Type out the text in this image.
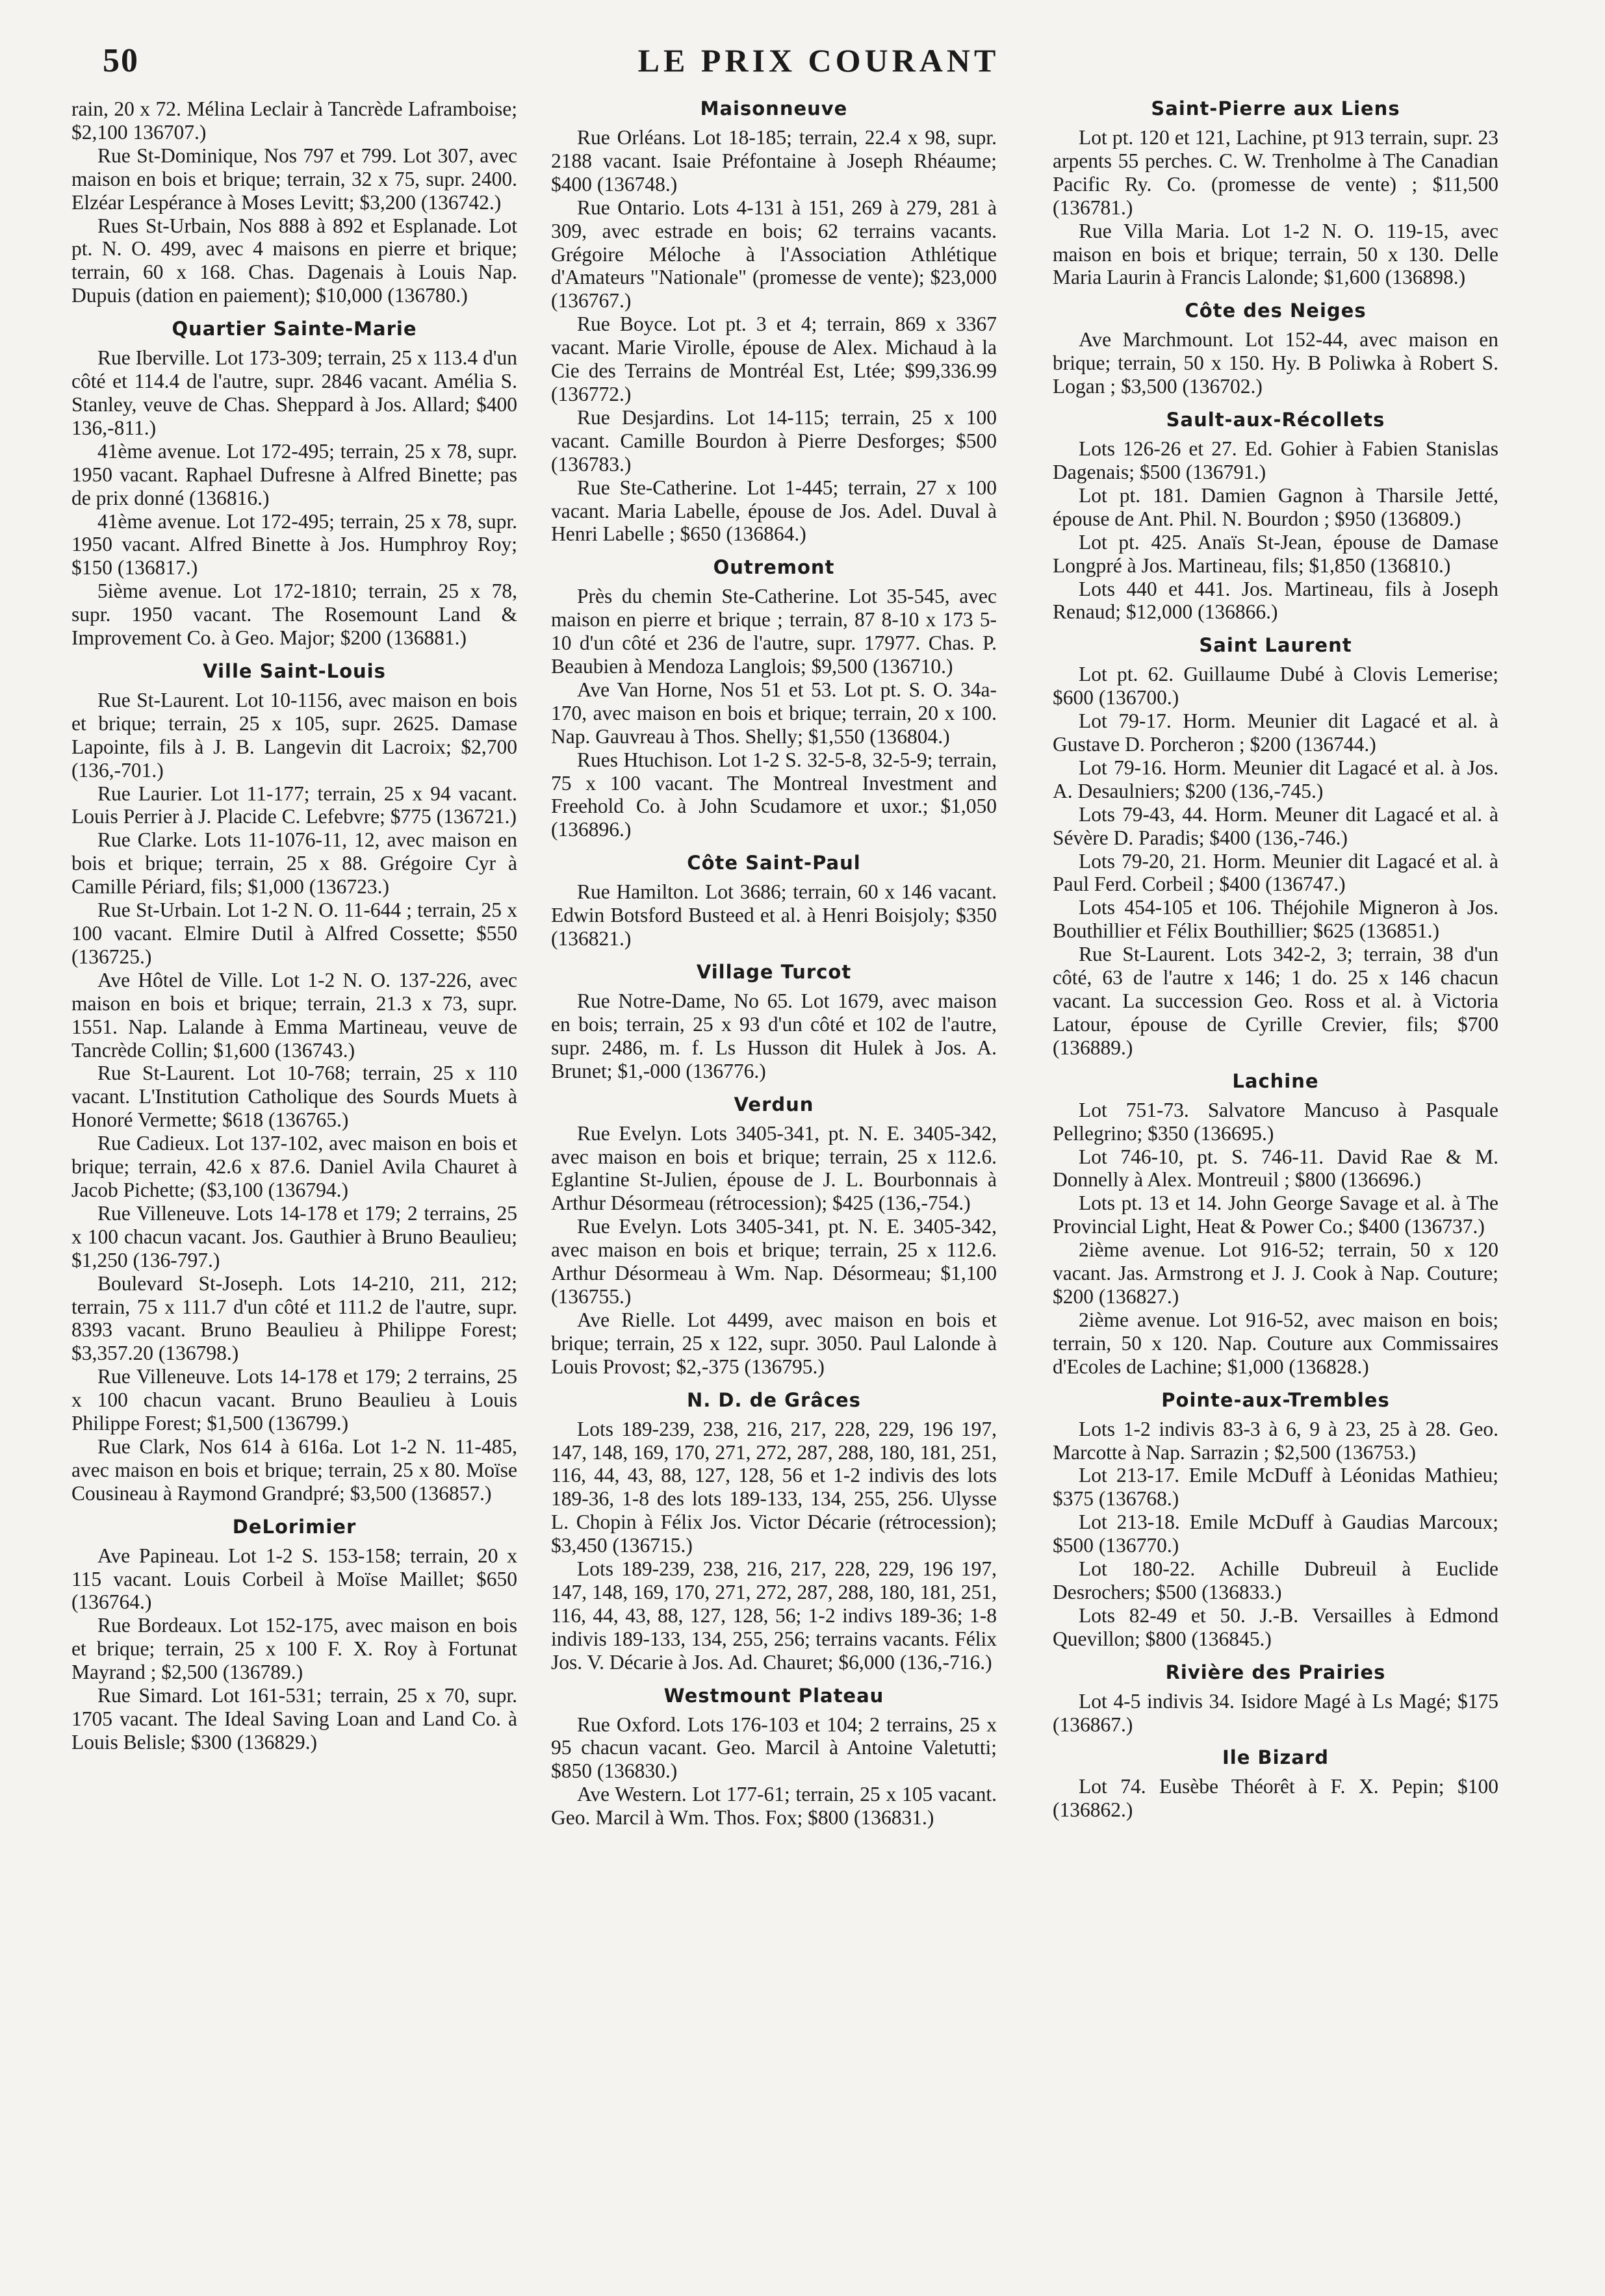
50	LE PRIX COURANT

rain, 20 x 72. Mélina Leclair à Tancrède Laframboise; $2,100 136707.)

Rue St-Dominique, Nos 797 et 799. Lot 307, avec maison en bois et brique; terrain, 32 x 75, supr. 2400. Elzéar Lespérance à Moses Levitt; $3,200 (136742.)

Rues St-Urbain, Nos 888 à 892 et Esplanade. Lot pt. N. O. 499, avec 4 maisons en pierre et brique; terrain, 60 x 168. Chas. Dagenais à Louis Nap. Dupuis (dation en paiement); $10,000 (136780.)

Quartier Sainte-Marie

Rue Iberville. Lot 173-309; terrain, 25 x 113.4 d'un côté et 114.4 de l'autre, supr. 2846 vacant. Amélia S. Stanley, veuve de Chas. Sheppard à Jos. Allard; $400 136,-811.)

41ème avenue. Lot 172-495; terrain, 25 x 78, supr. 1950 vacant. Raphael Dufresne à Alfred Binette; pas de prix donné (136816.)

41ème avenue. Lot 172-495; terrain, 25 x 78, supr. 1950 vacant. Alfred Binette à Jos. Humphroy Roy; $150 (136817.)

5ième avenue. Lot 172-1810; terrain, 25 x 78, supr. 1950 vacant. The Rosemount Land & Improvement Co. à Geo. Major; $200 (136881.)

Ville Saint-Louis

Rue St-Laurent. Lot 10-1156, avec maison en bois et brique; terrain, 25 x 105, supr. 2625. Damase Lapointe, fils à J. B. Langevin dit Lacroix; $2,700 (136,-701.)

Rue Laurier. Lot 11-177; terrain, 25 x 94 vacant. Louis Perrier à J. Placide C. Lefebvre; $775 (136721.)

Rue Clarke. Lots 11-1076-11, 12, avec maison en bois et brique; terrain, 25 x 88. Grégoire Cyr à Camille Périard, fils; $1,000 (136723.)

Rue St-Urbain. Lot 1-2 N. O. 11-644 ; terrain, 25 x 100 vacant. Elmire Dutil à Alfred Cossette; $550 (136725.)

Ave Hôtel de Ville. Lot 1-2 N. O. 137-226, avec maison en bois et brique; terrain, 21.3 x 73, supr. 1551. Nap. Lalande à Emma Martineau, veuve de Tancrède Collin; $1,600 (136743.)

Rue St-Laurent. Lot 10-768; terrain, 25 x 110 vacant. L'Institution Catholique des Sourds Muets à Honoré Vermette; $618 (136765.)

Rue Cadieux. Lot 137-102, avec maison en bois et brique; terrain, 42.6 x 87.6. Daniel Avila Chauret à Jacob Pichette; ($3,100 (136794.)

Rue Villeneuve. Lots 14-178 et 179; 2 terrains, 25 x 100 chacun vacant. Jos. Gauthier à Bruno Beaulieu; $1,250 (136-797.)

Boulevard St-Joseph. Lots 14-210, 211, 212; terrain, 75 x 111.7 d'un côté et 111.2 de l'autre, supr. 8393 vacant. Bruno Beaulieu à Philippe Forest; $3,357.20 (136798.)

Rue Villeneuve. Lots 14-178 et 179; 2 terrains, 25 x 100 chacun vacant. Bruno Beaulieu à Louis Philippe Forest; $1,500 (136799.)

Rue Clark, Nos 614 à 616a. Lot 1-2 N. 11-485, avec maison en bois et brique; terrain, 25 x 80. Moïse Cousineau à Raymond Grandpré; $3,500 (136857.)

DeLorimier

Ave Papineau. Lot 1-2 S. 153-158; terrain, 20 x 115 vacant. Louis Corbeil à Moïse Maillet; $650 (136764.)

Rue Bordeaux. Lot 152-175, avec maison en bois et brique; terrain, 25 x 100 F. X. Roy à Fortunat Mayrand ; $2,500 (136789.)

Rue Simard. Lot 161-531; terrain, 25 x 70, supr. 1705 vacant. The Ideal Saving Loan and Land Co. à Louis Belisle; $300 (136829.)

Maisonneuve

Rue Orléans. Lot 18-185; terrain, 22.4 x 98, supr. 2188 vacant. Isaie Préfontaine à Joseph Rhéaume; $400 (136748.)

Rue Ontario. Lots 4-131 à 151, 269 à 279, 281 à 309, avec estrade en bois; 62 terrains vacants. Grégoire Méloche à l'Association Athlétique d'Amateurs "Nationale" (promesse de vente); $23,000 (136767.)

Rue Boyce. Lot pt. 3 et 4; terrain, 869 x 3367 vacant. Marie Virolle, épouse de Alex. Michaud à la Cie des Terrains de Montréal Est, Ltée; $99,336.99 (136772.)

Rue Desjardins. Lot 14-115; terrain, 25 x 100 vacant. Camille Bourdon à Pierre Desforges; $500 (136783.)

Rue Ste-Catherine. Lot 1-445; terrain, 27 x 100 vacant. Maria Labelle, épouse de Jos. Adel. Duval à Henri Labelle ; $650 (136864.)

Outremont

Près du chemin Ste-Catherine. Lot 35-545, avec maison en pierre et brique ; terrain, 87 8-10 x 173 5-10 d'un côté et 236 de l'autre, supr. 17977. Chas. P. Beaubien à Mendoza Langlois; $9,500 (136710.)

Ave Van Horne, Nos 51 et 53. Lot pt. S. O. 34a-170, avec maison en bois et brique; terrain, 20 x 100. Nap. Gauvreau à Thos. Shelly; $1,550 (136804.)

Rues Htuchison. Lot 1-2 S. 32-5-8, 32-5-9; terrain, 75 x 100 vacant. The Montreal Investment and Freehold Co. à John Scudamore et uxor.; $1,050 (136896.)

Côte Saint-Paul

Rue Hamilton. Lot 3686; terrain, 60 x 146 vacant. Edwin Botsford Busteed et al. à Henri Boisjoly; $350 (136821.)

Village Turcot

Rue Notre-Dame, No 65. Lot 1679, avec maison en bois; terrain, 25 x 93 d'un côté et 102 de l'autre, supr. 2486, m. f. Ls Husson dit Hulek à Jos. A. Brunet; $1,-000 (136776.)

Verdun

Rue Evelyn. Lots 3405-341, pt. N. E. 3405-342, avec maison en bois et brique; terrain, 25 x 112.6. Eglantine St-Julien, épouse de J. L. Bourbonnais à Arthur Désormeau (rétrocession); $425 (136,-754.)

Rue Evelyn. Lots 3405-341, pt. N. E. 3405-342, avec maison en bois et brique; terrain, 25 x 112.6. Arthur Désormeau à Wm. Nap. Désormeau; $1,100 (136755.)

Ave Rielle. Lot 4499, avec maison en bois et brique; terrain, 25 x 122, supr. 3050. Paul Lalonde à Louis Provost; $2,-375 (136795.)

N. D. de Grâces

Lots 189-239, 238, 216, 217, 228, 229, 196 197, 147, 148, 169, 170, 271, 272, 287, 288, 180, 181, 251, 116, 44, 43, 88, 127, 128, 56 et 1-2 indivis des lots 189-36, 1-8 des lots 189-133, 134, 255, 256. Ulysse L. Chopin à Félix Jos. Victor Décarie (rétrocession); $3,450 (136715.)

Lots 189-239, 238, 216, 217, 228, 229, 196 197, 147, 148, 169, 170, 271, 272, 287, 288, 180, 181, 251, 116, 44, 43, 88, 127, 128, 56; 1-2 indivs 189-36; 1-8 indivis 189-133, 134, 255, 256; terrains vacants. Félix Jos. V. Décarie à Jos. Ad. Chauret; $6,000 (136,-716.)

Westmount Plateau

Rue Oxford. Lots 176-103 et 104; 2 terrains, 25 x 95 chacun vacant. Geo. Marcil à Antoine Valetutti; $850 (136830.)

Ave Western. Lot 177-61; terrain, 25 x 105 vacant. Geo. Marcil à Wm. Thos. Fox; $800 (136831.)

Saint-Pierre aux Liens

Lot pt. 120 et 121, Lachine, pt 913 terrain, supr. 23 arpents 55 perches. C. W. Trenholme à The Canadian Pacific Ry. Co. (promesse de vente) ; $11,500 (136781.)

Rue Villa Maria. Lot 1-2 N. O. 119-15, avec maison en bois et brique; terrain, 50 x 130. Delle Maria Laurin à Francis Lalonde; $1,600 (136898.)

Côte des Neiges

Ave Marchmount. Lot 152-44, avec maison en brique; terrain, 50 x 150. Hy. B Poliwka à Robert S. Logan ; $3,500 (136702.)

Sault-aux-Récollets

Lots 126-26 et 27. Ed. Gohier à Fabien Stanislas Dagenais; $500 (136791.)

Lot pt. 181. Damien Gagnon à Tharsile Jetté, épouse de Ant. Phil. N. Bourdon ; $950 (136809.)

Lot pt. 425. Anaïs St-Jean, épouse de Damase Longpré à Jos. Martineau, fils; $1,850 (136810.)

Lots 440 et 441. Jos. Martineau, fils à Joseph Renaud; $12,000 (136866.)

Saint Laurent

Lot pt. 62. Guillaume Dubé à Clovis Lemerise; $600 (136700.)

Lot 79-17. Horm. Meunier dit Lagacé et al. à Gustave D. Porcheron ; $200 (136744.)

Lot 79-16. Horm. Meunier dit Lagacé et al. à Jos. A. Desaulniers; $200 (136,-745.)

Lots 79-43, 44. Horm. Meuner dit Lagacé et al. à Sévère D. Paradis; $400 (136,-746.)

Lots 79-20, 21. Horm. Meunier dit Lagacé et al. à Paul Ferd. Corbeil ; $400 (136747.)

Lots 454-105 et 106. Théjohile Migneron à Jos. Bouthillier et Félix Bouthillier; $625 (136851.)

Rue St-Laurent. Lots 342-2, 3; terrain, 38 d'un côté, 63 de l'autre x 146; 1 do. 25 x 146 chacun vacant. La succession Geo. Ross et al. à Victoria Latour, épouse de Cyrille Crevier, fils; $700 (136889.)

Lachine

Lot 751-73. Salvatore Mancuso à Pasquale Pellegrino; $350 (136695.)

Lot 746-10, pt. S. 746-11. David Rae & M. Donnelly à Alex. Montreuil ; $800 (136696.)

Lots pt. 13 et 14. John George Savage et al. à The Provincial Light, Heat & Power Co.; $400 (136737.)

2ième avenue. Lot 916-52; terrain, 50 x 120 vacant. Jas. Armstrong et J. J. Cook à Nap. Couture; $200 (136827.)

2ième avenue. Lot 916-52, avec maison en bois; terrain, 50 x 120. Nap. Couture aux Commissaires d'Ecoles de Lachine; $1,000 (136828.)

Pointe-aux-Trembles

Lots 1-2 indivis 83-3 à 6, 9 à 23, 25 à 28. Geo. Marcotte à Nap. Sarrazin ; $2,500 (136753.)

Lot 213-17. Emile McDuff à Léonidas Mathieu; $375 (136768.)

Lot 213-18. Emile McDuff à Gaudias Marcoux; $500 (136770.)

Lot 180-22. Achille Dubreuil à Euclide Desrochers; $500 (136833.)

Lots 82-49 et 50. J.-B. Versailles à Edmond Quevillon; $800 (136845.)

Rivière des Prairies

Lot 4-5 indivis 34. Isidore Magé à Ls Magé; $175 (136867.)

Ile Bizard

Lot 74. Eusèbe Théorêt à F. X. Pepin; $100 (136862.)
